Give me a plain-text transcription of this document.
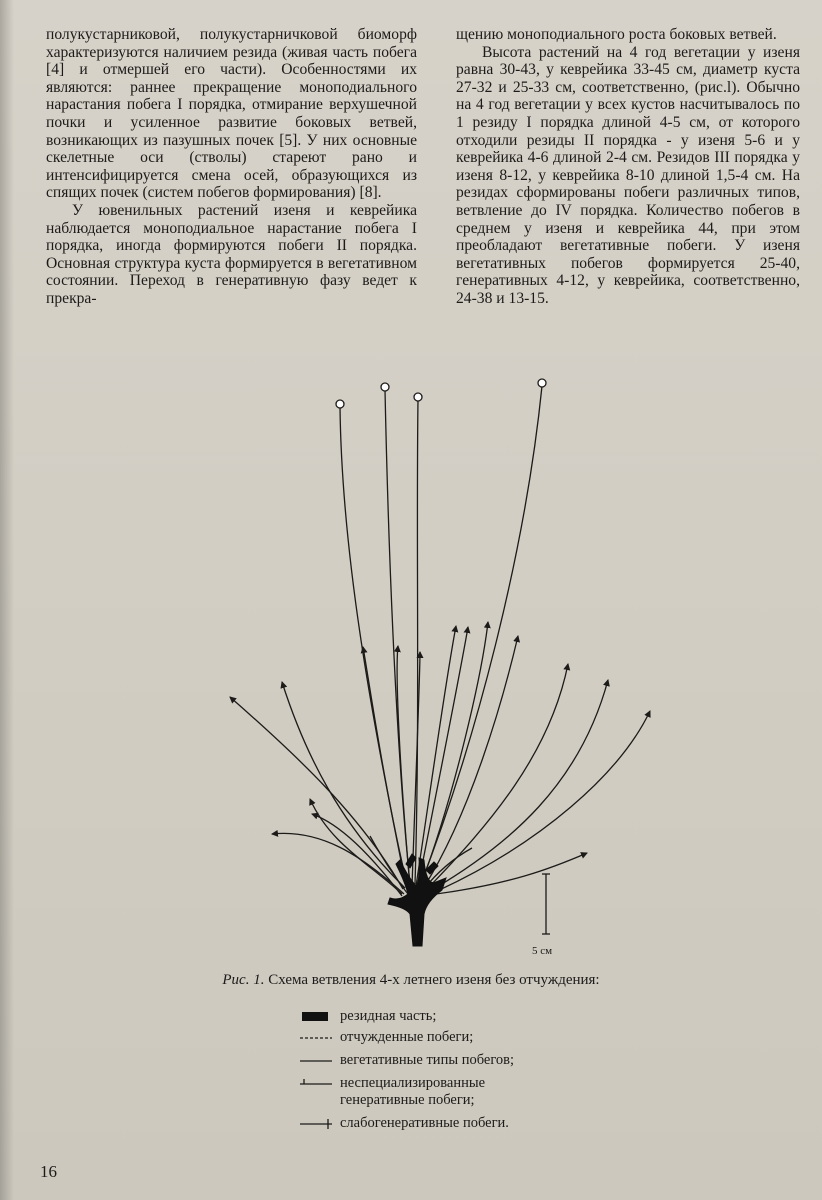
полукустарниковой, полукустарничковой биоморф характеризуются наличием резида (живая часть побега [4] и отмершей его части). Особенностями их являются: раннее прекращение моноподиального нарастания побега I порядка, отмирание верхушечной почки и усиленное развитие боковых ветвей, возникающих из пазушных почек [5]. У них основные скелетные оси (стволы) стареют рано и интенсифицируется смена осей, образующихся из спящих почек (систем побегов формирования) [8].

У ювенильных растений изеня и кеврейика наблюдается моноподиальное нарастание побега I порядка, иногда формируются побеги II порядка. Основная структура куста формируется в вегетативном состоянии. Переход в генеративную фазу ведет к прекра-

щению моноподиального роста боковых ветвей.

Высота растений на 4 год вегетации у изеня равна 30-43, у кеврейика 33-45 см, диаметр куста 27-32 и 25-33 см, соответственно, (рис.l). Обычно на 4 год вегетации у всех кустов насчитывалось по 1 резиду I порядка длиной 4-5 см, от которого отходили резиды II порядка - у изеня 5-6 и у кеврейика 4-6 длиной 2-4 см. Резидов III порядка у изеня 8-12, у кеврейика 8-10 длиной 1,5-4 см. На резидах сформированы побеги различных типов, ветвление до IV порядка. Количество побегов в среднем у изеня и кеврейика 44, при этом преобладают вегетативные побеги. У изеня вегетативных побегов формируется 25-40, генеративных 4-12, у кеврейика, соответственно, 24-38 и 13-15.

5 см
Рис. 1. Схема ветвления 4-х летнего изеня без отчуждения:
резидная часть;
отчужденные побеги;
вегетативные типы побегов;
неспециализированные генеративные побеги;
слабогенеративные побеги.
16
